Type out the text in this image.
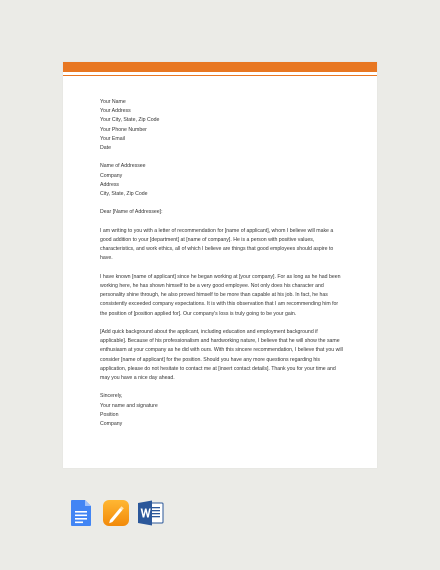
Your Name
Your Address
Your City, State, Zip Code
Your Phone Number
Your Email
Date
Name of Addressee
Company
Address
City, State, Zip Code
Dear [Name of Addressee]:
I am writing to you with a letter of recommendation for [name of applicant], whom I believe will make a
good addition to your [department] at [name of company]. He is a person with positive values,
characteristics, and work ethics, all of which I believe are things that good employees should aspire to
have.
I have known [name of applicant] since he began working at [your company]. For as long as he had been
working here, he has shown himself to be a very good employee. Not only does his character and
personality shine through, he also proved himself to be more than capable at his job. In fact, he has
consistently exceeded company expectations. It is with this observation that I am recommending him for
the position of [position applied for]. Our company's loss is truly going to be your gain.
[Add quick background about the applicant, including education and employment background if
applicable]. Because of his professionalism and hardworking nature, I believe that he will show the same
enthusiasm at your company as he did with ours. With this sincere recommendation, I believe that you will
consider [name of applicant] for the position. Should you have any more questions regarding his
application, please do not hesitate to contact me at [insert contact details]. Thank you for your time and
may you have a nice day ahead.
Sincerely,
Your name and signature
Position
Company
